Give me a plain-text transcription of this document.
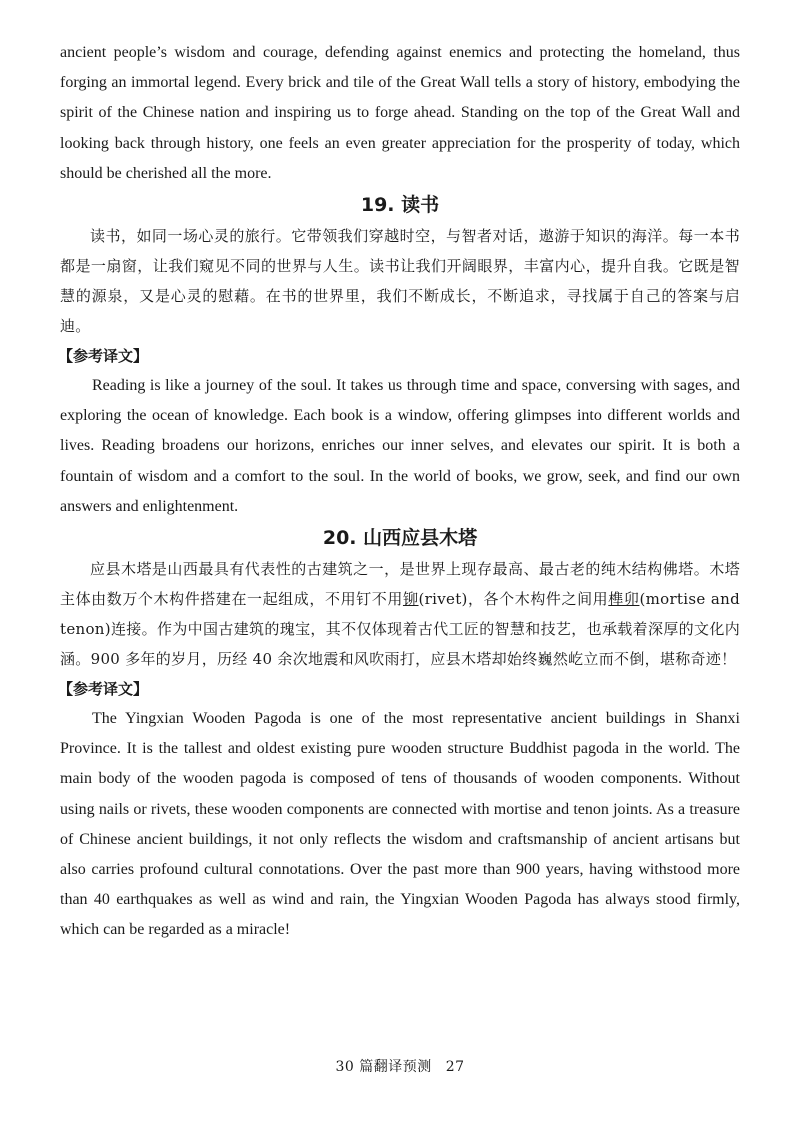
ancient people’s wisdom and courage, defending against enemics and protecting the homeland, thus forging an immortal legend. Every brick and tile of the Great Wall tells a story of history, embodying the spirit of the Chinese nation and inspiring us to forge ahead. Standing on the top of the Great Wall and looking back through history, one feels an even greater appreciation for the prosperity of today, which should be cherished all the more.

19. 读书

读书，如同一场心灵的旅行。它带领我们穿越时空，与智者对话，遨游于知识的海洋。每一本书都是一扇窗，让我们窥见不同的世界与人生。读书让我们开阔眼界，丰富内心，提升自我。它既是智慧的源泉，又是心灵的慰藉。在书的世界里，我们不断成长，不断追求，寻找属于自己的答案与启迪。

【参考译文】

Reading is like a journey of the soul. It takes us through time and space, conversing with sages, and exploring the ocean of knowledge. Each book is a window, offering glimpses into different worlds and lives. Reading broadens our horizons, enriches our inner selves, and elevates our spirit. It is both a fountain of wisdom and a comfort to the soul. In the world of books, we grow, seek, and find our own answers and enlightenment.

20. 山西应县木塔

应县木塔是山西最具有代表性的古建筑之一，是世界上现存最高、最古老的纯木结构佛塔。木塔主体由数万个木构件搭建在一起组成，不用钉不用铆(rivet)，各个木构件之间用榫卯(mortise and tenon)连接。作为中国古建筑的瑰宝，其不仅体现着古代工匠的智慧和技艺，也承载着深厚的文化内涵。900 多年的岁月，历经 40 余次地震和风吹雨打，应县木塔却始终巍然屹立而不倒，堪称奇迹！

【参考译文】

The Yingxian Wooden Pagoda is one of the most representative ancient buildings in Shanxi Province. It is the tallest and oldest existing pure wooden structure Buddhist pagoda in the world. The main body of the wooden pagoda is composed of tens of thousands of wooden components. Without using nails or rivets, these wooden components are connected with mortise and tenon joints. As a treasure of Chinese ancient buildings, it not only reflects the wisdom and craftsmanship of ancient artisans but also carries profound cultural connotations. Over the past more than 900 years, having withstood more than 40 earthquakes as well as wind and rain, the Yingxian Wooden Pagoda has always stood firmly, which can be regarded as a miracle!

30 篇翻译预测 27
